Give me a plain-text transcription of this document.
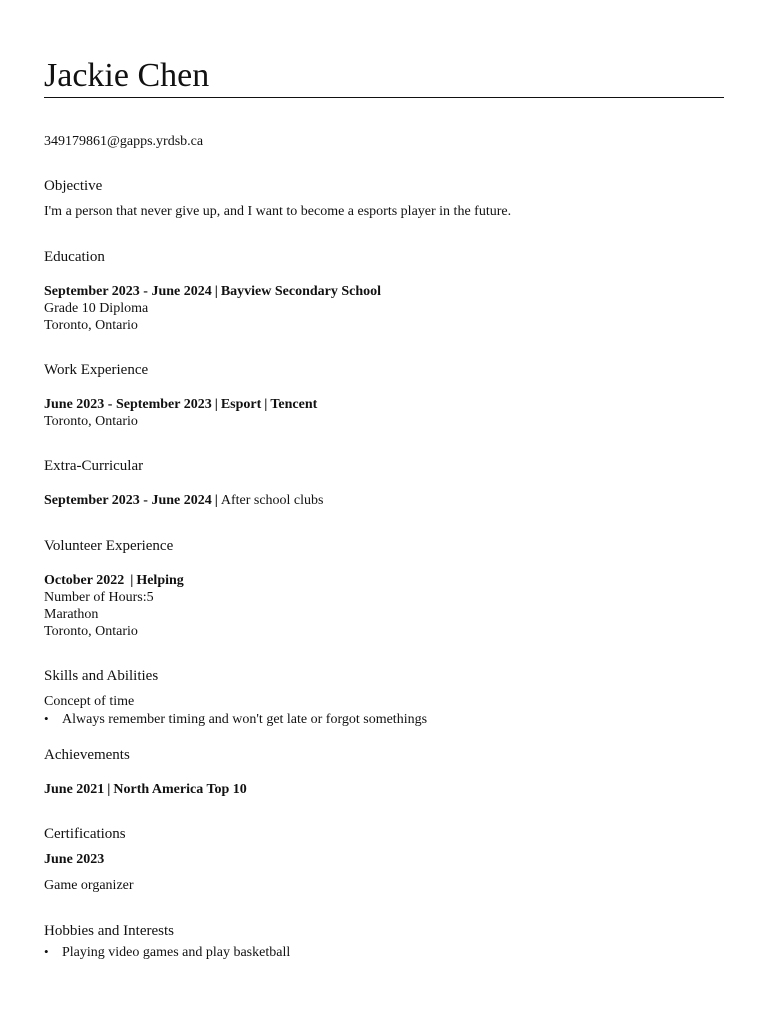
Jackie Chen
349179861@gapps.yrdsb.ca
Objective
I'm a person that never give up, and I want to become a esports player in the future.
Education
September 2023 - June 2024 | Bayview Secondary School
Grade 10 Diploma
Toronto, Ontario
Work Experience
June 2023 - September 2023 | Esport | Tencent
Toronto, Ontario
Extra-Curricular
September 2023 - June 2024 | After school clubs
Volunteer Experience
October 2022 | Helping
Number of Hours:5
Marathon
Toronto, Ontario
Skills and Abilities
Concept of time
• Always remember timing and won't get late or forgot somethings
Achievements
June 2021 | North America Top 10
Certifications
June 2023
Game organizer
Hobbies and Interests
• Playing video games and play basketball
